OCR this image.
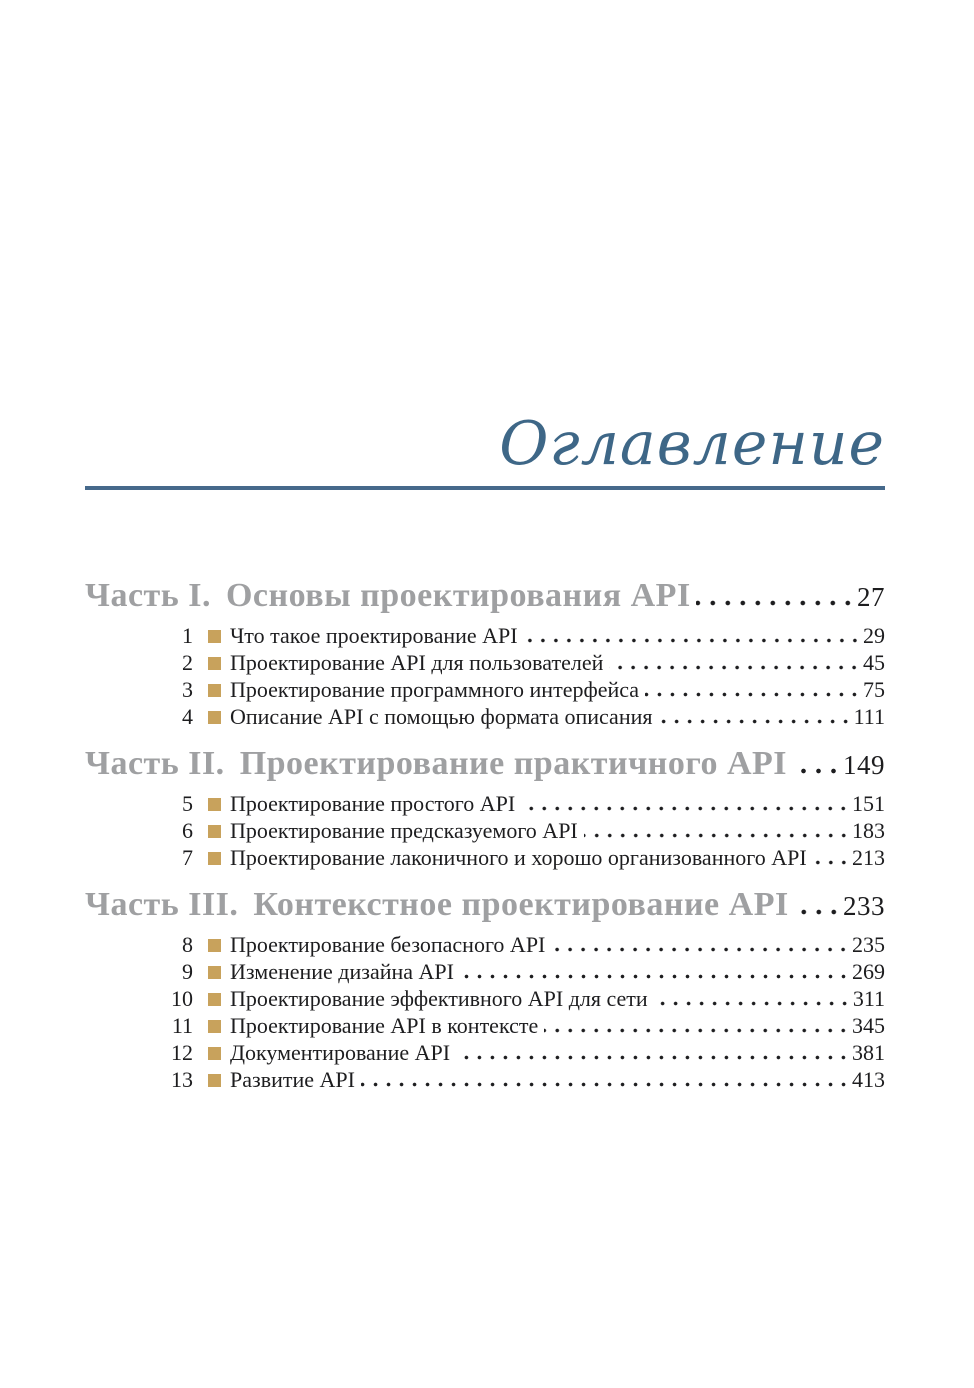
Оглавление
Часть I. Основы проектирования API	27
1 Что такое проектирование API	29
2 Проектирование API для пользователей	45
3 Проектирование программного интерфейса	75
4 Описание API с помощью формата описания	111
Часть II. Проектирование практичного API 149
5 Проектирование простого API	151
6 Проектирование предсказуемого API	183
7 Проектирование лаконичного и хорошо организованного API 213
Часть III. Контекстное проектирование API 233
8 Проектирование безопасного API	235
9 Изменение дизайна API	269
10 Проектирование эффективного API для сети	311
11 Проектирование API в контексте	345
12 Документирование API	381
13 Развитие API	413
